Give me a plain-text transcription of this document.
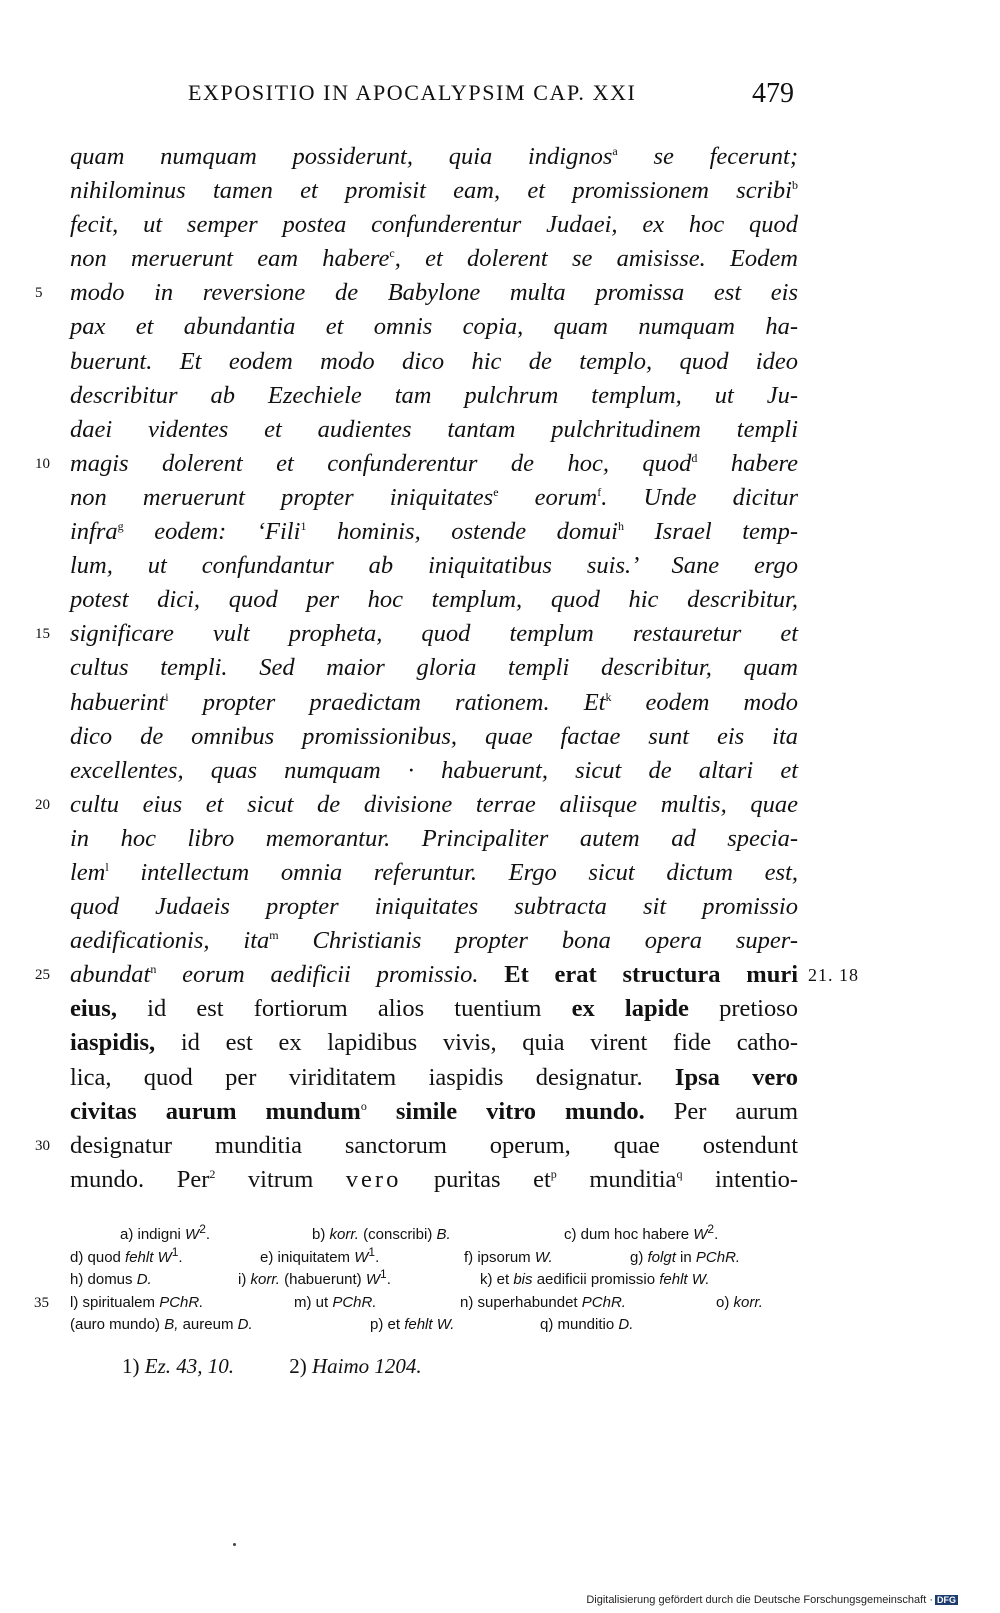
EXPOSITIO IN APOCALYPSIM CAP. XXI	479
quam numquam possiderunt, quia indignos$^a$ se fecerunt;
nihilominus tamen et promisit eam, et promissionem scribi$^b$
fecit, ut semper postea confunderentur Judaei, ex hoc quod
non meruerunt eam habere$^c$, et dolerent se amisisse. Eodem
5 modo in reversione de Babylone multa promissa est eis
pax et abundantia et omnis copia, quam numquam ha-
buerunt. Et eodem modo dico hic de templo, quod ideo
describitur ab Ezechiele tam pulchrum templum, ut Ju-
daei videntes et audientes tantam pulchritudinem templi
10 magis dolerent et confunderentur de hoc, quod$^d$ habere
non meruerunt propter iniquitates$^e$ eorum$^f$. Unde dicitur
infra$^g$ eodem: ‘Fili$^1$ hominis, ostende domui$^h$ Israel temp-
lum, ut confundantur ab iniquitatibus suis.’ Sane ergo
potest dici, quod per hoc templum, quod hic describitur,
15 significare vult propheta, quod templum restauretur et
cultus templi. Sed maior gloria templi describitur, quam
habuerint$^i$ propter praedictam rationem. Et$^k$ eodem modo
dico de omnibus promissionibus, quae factae sunt eis ita
excellentes, quas numquam · habuerunt, sicut de altari et
20 cultu eius et sicut de divisione terrae aliisque multis, quae
in hoc libro memorantur. Principaliter autem ad specia-
lem$^l$ intellectum omnia referuntur. Ergo sicut dictum est,
quod Judaeis propter iniquitates subtracta sit promissio
aedificationis, ita$^m$ Christianis propter bona opera super-
25 abundat$^n$ eorum aedificii promissio. Et erat structura muri 21. 18
eius, id est fortiorum alios tuentium ex lapide pretioso
iaspidis, id est ex lapidibus vivis, quia virent fide catho-
lica, quod per viriditatem iaspidis designatur. Ipsa vero
civitas aurum mundum$^o$ simile vitro mundo. Per aurum
30 designatur munditia sanctorum operum, quae ostendunt
mundo. Per$^2$ vitrum vero puritas $et^p$ munditia$^q$ intentio-
a) indigni $W^2$.	b) korr. (conscribi) B.	c) dum hoc habere $W^2$.
d) quod fehlt $W^1$.	e) iniquitatem $W^1$.	f) ipsorum W.	g) folgt in PChR.
h) domus D.	i) korr. (habuerunt) $W^1$.	k) et bis aedificii promissio fehlt W.
35 l) spiritualem PChR.	m) ut PChR.	n) superhabundet PChR.	o) korr.
(auro mundo) B, aureum D.	p) et fehlt W.	q) munditio D.
1) Ez. 43, 10.	2) Haimo 1204.
Digitalisierung gefördert durch die Deutsche Forschungsgemeinschaft · DFG
